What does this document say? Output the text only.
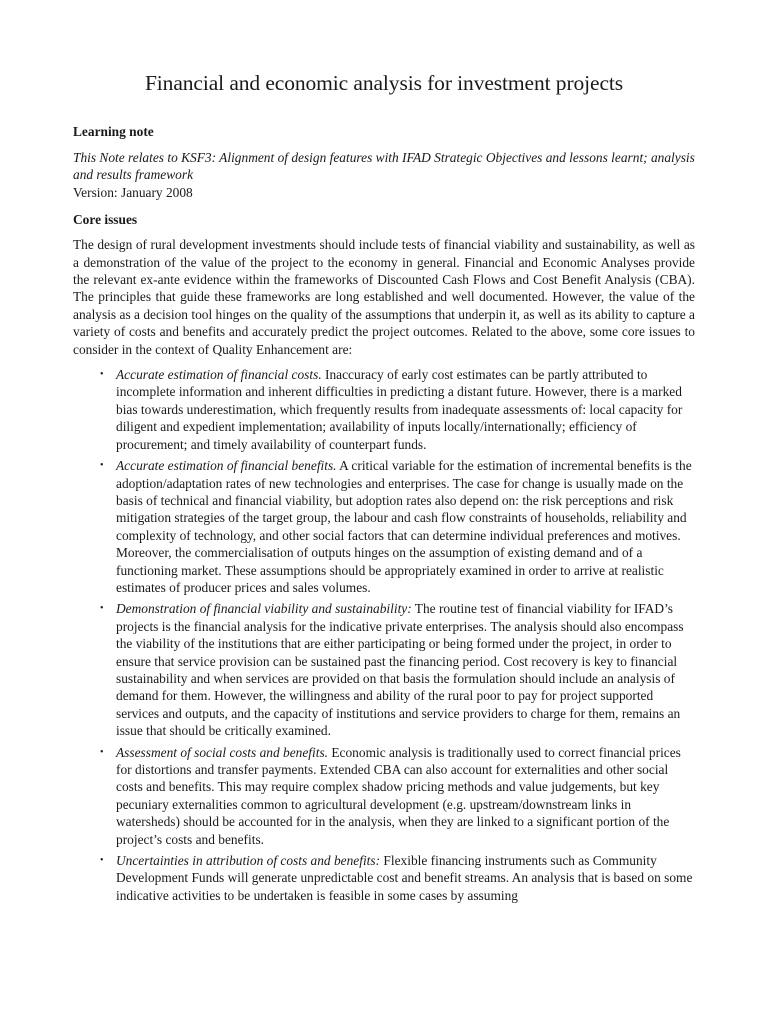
Financial and economic analysis for investment projects
Learning note
This Note relates to KSF3: Alignment of design features with IFAD Strategic Objectives and lessons learnt; analysis and results framework
Version: January 2008
Core issues

The design of rural development investments should include tests of financial viability and sustainability, as well as a demonstration of the value of the project to the economy in general. Financial and Economic Analyses provide the relevant ex-ante evidence within the frameworks of Discounted Cash Flows and Cost Benefit Analysis (CBA). The principles that guide these frameworks are long established and well documented. However, the value of the analysis as a decision tool hinges on the quality of the assumptions that underpin it, as well as its ability to capture a variety of costs and benefits and accurately predict the project outcomes. Related to the above, some core issues to consider in the context of Quality Enhancement are:

• Accurate estimation of financial costs. Inaccuracy of early cost estimates can be partly attributed to incomplete information and inherent difficulties in predicting a distant future. However, there is a marked bias towards underestimation, which frequently results from inadequate assessments of: local capacity for diligent and expedient implementation; availability of inputs locally/internationally; efficiency of procurement; and timely availability of counterpart funds.
• Accurate estimation of financial benefits. A critical variable for the estimation of incremental benefits is the adoption/adaptation rates of new technologies and enterprises. The case for change is usually made on the basis of technical and financial viability, but adoption rates also depend on: the risk perceptions and risk mitigation strategies of the target group, the labour and cash flow constraints of households, reliability and complexity of technology, and other social factors that can determine individual preferences and motives. Moreover, the commercialisation of outputs hinges on the assumption of existing demand and of a functioning market. These assumptions should be appropriately examined in order to arrive at realistic estimates of producer prices and sales volumes.
• Demonstration of financial viability and sustainability: The routine test of financial viability for IFAD’s projects is the financial analysis for the indicative private enterprises. The analysis should also encompass the viability of the institutions that are either participating or being formed under the project, in order to ensure that service provision can be sustained past the financing period. Cost recovery is key to financial sustainability and when services are provided on that basis the formulation should include an analysis of demand for them. However, the willingness and ability of the rural poor to pay for project supported services and outputs, and the capacity of institutions and service providers to charge for them, remains an issue that should be critically examined.
• Assessment of social costs and benefits. Economic analysis is traditionally used to correct financial prices for distortions and transfer payments. Extended CBA can also account for externalities and other social costs and benefits. This may require complex shadow pricing methods and value judgements, but key pecuniary externalities common to agricultural development (e.g. upstream/downstream links in watersheds) should be accounted for in the analysis, when they are linked to a significant portion of the project’s costs and benefits.
• Uncertainties in attribution of costs and benefits: Flexible financing instruments such as Community Development Funds will generate unpredictable cost and benefit streams. An analysis that is based on some indicative activities to be undertaken is feasible in some cases by assuming
